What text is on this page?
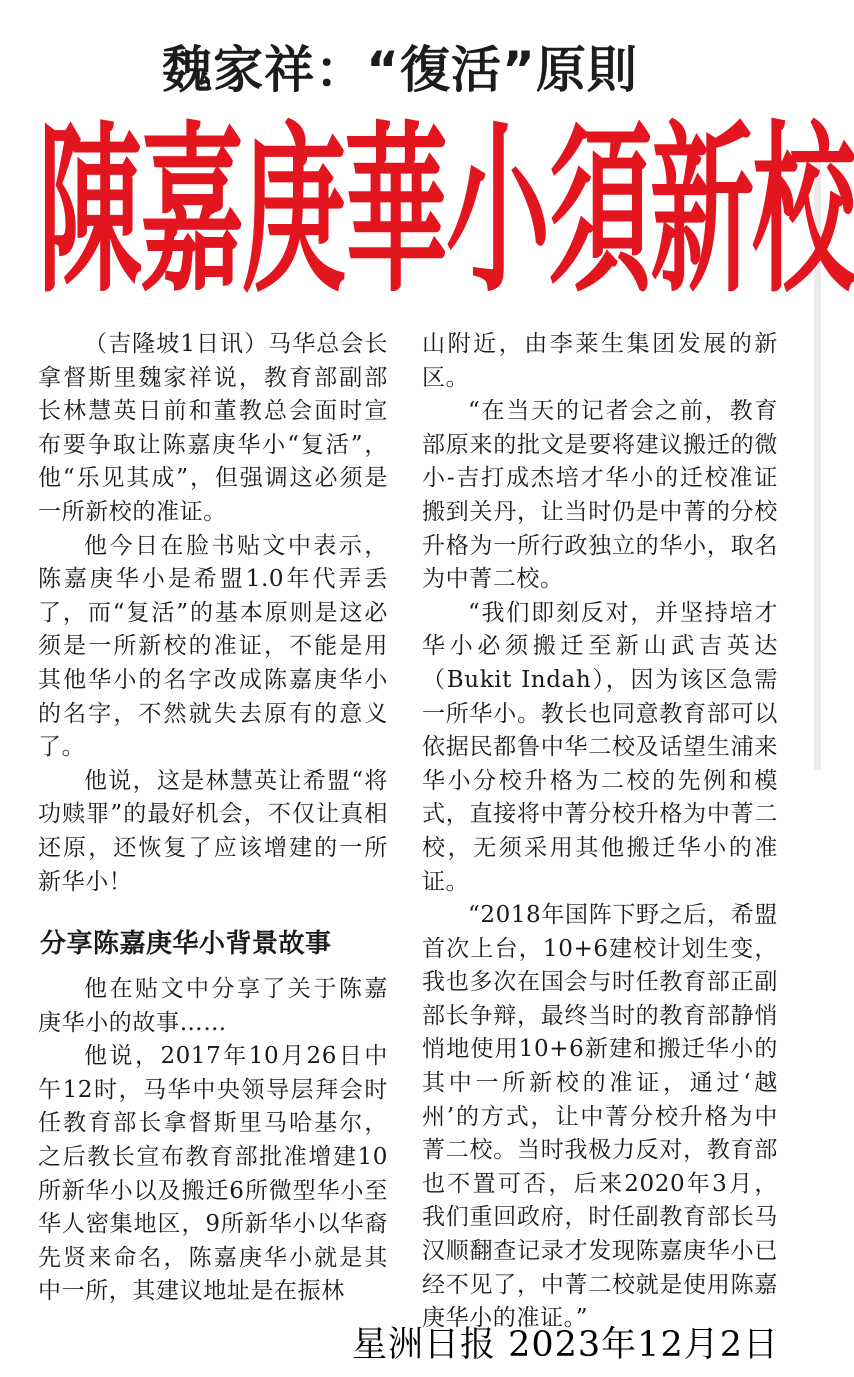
魏家祥：“復活”原則
陳 嘉 庚 華 小 須 新 校

（吉隆坡1日讯）马华总会长拿督斯里魏家祥说，教育部副部长林慧英日前和董教总会面时宣布要争取让陈嘉庚华小“复活”，他“乐见其成”，但强调这必须是一所新校的准证。

他今日在脸书贴文中表示，陈嘉庚华小是希盟1.0年代弄丢了，而“复活”的基本原则是这必须是一所新校的准证，不能是用其他华小的名字改成陈嘉庚华小的名字，不然就失去原有的意义了。

他说，这是林慧英让希盟“将功赎罪”的最好机会，不仅让真相还原，还恢复了应该增建的一所新华小！

分享陈嘉庚华小背景故事

他在贴文中分享了关于陈嘉庚华小的故事……

他说，2017年10月26日中午12时，马华中央领导层拜会时任教育部长拿督斯里马哈基尔，之后教长宣布教育部批准增建10所新华小以及搬迁6所微型华小至华人密集地区，9所新华小以华裔先贤来命名，陈嘉庚华小就是其中一所，其建议地址是在振林

山附近，由李莱生集团发展的新区。

“在当天的记者会之前，教育部原来的批文是要将建议搬迁的微小-吉打成杰培才华小的迁校准证搬到关丹，让当时仍是中菁的分校升格为一所行政独立的华小，取名为中菁二校。

“我们即刻反对，并坚持培才华小必须搬迁至新山武吉英达（Bukit Indah），因为该区急需一所华小。教长也同意教育部可以依据民都鲁中华二校及话望生浦来华小分校升格为二校的先例和模式，直接将中菁分校升格为中菁二校，无须采用其他搬迁华小的准证。

“2018年国阵下野之后，希盟首次上台，10+6建校计划生变，我也多次在国会与时任教育部正副部长争辩，最终当时的教育部静悄悄地使用10+6新建和搬迁华小的其中一所新校的准证，通过‘越州’的方式，让中菁分校升格为中菁二校。当时我极力反对，教育部也不置可否，后来2020年3月，我们重回政府，时任副教育部长马汉顺翻查记录才发现陈嘉庚华小已经不见了，中菁二校就是使用陈嘉庚华小的准证。”

星洲日报 2023年12月2日
